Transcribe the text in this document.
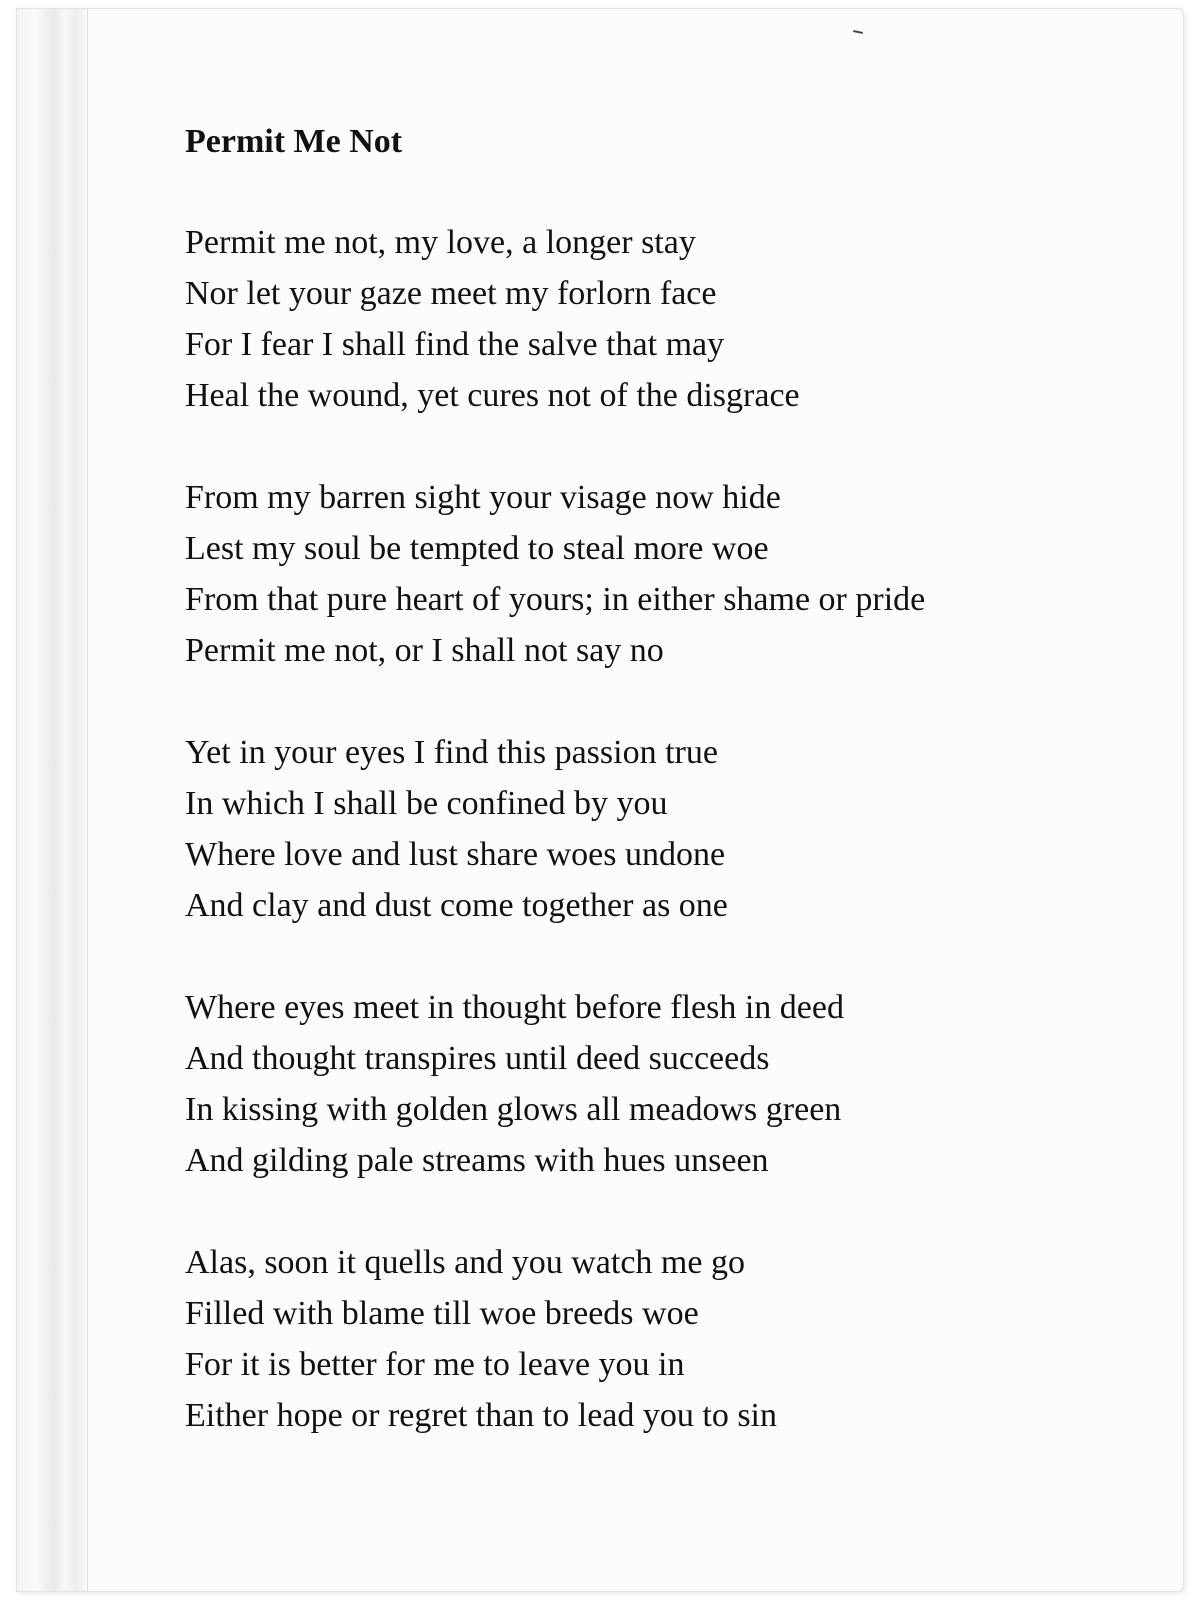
Permit Me Not
Permit me not, my love, a longer stay
Nor let your gaze meet my forlorn face
For I fear I shall find the salve that may
Heal the wound, yet cures not of the disgrace
From my barren sight your visage now hide
Lest my soul be tempted to steal more woe
From that pure heart of yours; in either shame or pride
Permit me not, or I shall not say no
Yet in your eyes I find this passion true
In which I shall be confined by you
Where love and lust share woes undone
And clay and dust come together as one
Where eyes meet in thought before flesh in deed
And thought transpires until deed succeeds
In kissing with golden glows all meadows green
And gilding pale streams with hues unseen
Alas, soon it quells and you watch me go
Filled with blame till woe breeds woe
For it is better for me to leave you in
Either hope or regret than to lead you to sin
